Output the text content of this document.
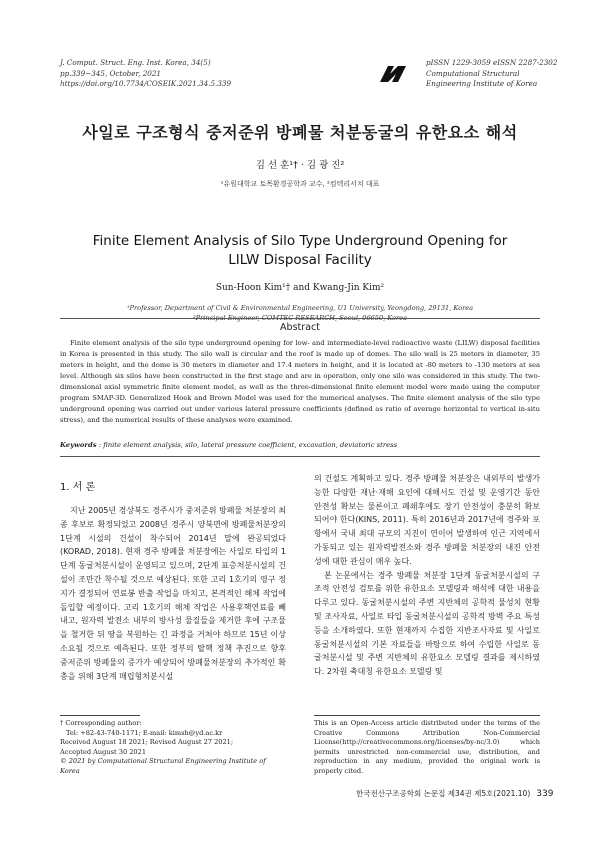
J. Comput. Struct. Eng. Inst. Korea, 34(5)
pp.339~345, October, 2021
https://doi.org/10.7734/COSEIK.2021.34.5.339
pISSN 1229-3059 eISSN 2287-2302
Computational Structural
Engineering Institute of Korea
사일로 구조형식 중저준위 방폐물 처분동굴의 유한요소 해석
김 선 훈¹† · 김 광 진²
¹유원대학교 토목환경공학과 교수, ²컴텍리서치 대표
Finite Element Analysis of Silo Type Underground Opening for
LILW Disposal Facility
Sun-Hoon Kim¹† and Kwang-Jin Kim²
¹Professor, Department of Civil & Environmental Engineering, U1 University, Yeongdong, 29131, Korea
²Principal Engineer, COMTEC RESEARCH, Seoul, 06650, Korea
Abstract
Finite element analysis of the silo type underground opening for low- and intermediate-level radioactive waste (LILW) disposal facilities in Korea is presented in this study. The silo wall is circular and the roof is made up of domes. The silo wall is 25 meters in diameter, 35 meters in height, and the dome is 30 meters in diameter and 17.4 meters in height, and it is located at -80 meters to -130 meters at sea level. Although six silos have been constructed in the first stage and are in operation, only one silo was considered in this study. The two-dimensional axial symmetric finite element model, as well as the three-dimensional finite element model were made using the computer program SMAP-3D. Generalized Hoek and Brown Model was used for the numerical analyses. The finite element analysis of the silo type underground opening was carried out under various lateral pressure coefficients (defined as ratio of average horizontal to vertical in-situ stress), and the numerical results of these analyses were examined.
Keywords : finite element analysis, silo, lateral pressure coefficient, excavation, deviatoric stress
1. 서 론

지난 2005년 경상북도 경주시가 중저준위 방폐물 처분장의 최종 후보로 확정되었고 2008년 경주시 양북면에 방폐물처분장의 1단계 시설의 건설이 착수되어 2014년 말에 완공되었다(KORAD, 2018). 현재 경주 방폐물 처분장에는 사일로 타입의 1단계 동굴처분시설이 운영되고 있으며, 2단계 표층처분시설의 건설이 조만간 착수될 것으로 예상된다. 또한 고리 1호기의 영구 정지가 결정되어 연료봉 반출 작업을 마치고, 본격적인 해체 작업에 돌입할 예정이다. 고리 1호기의 해체 작업은 사용후핵연료를 빼내고, 원자력 발전소 내부의 방사성 물질들을 제거한 후에 구조물을 철거한 뒤 땅을 복원하는 긴 과정을 거쳐야 하므로 15년 이상 소요될 것으로 예측된다. 또한 정부의 탈핵 정책 추진으로 향후 중저준위 방폐물의 증가가 예상되어 방폐물처분장의 추가적인 확충을 위해 3단계 매립형처분시설

의 건설도 계획하고 있다. 경주 방폐물 처분장은 내외부의 발생가능한 다양한 재난·재해 요인에 대해서도 건설 및 운영기간 동안 안전성 확보는 물론이고 폐쇄후에도 장기 안전성이 충분히 확보되어야 한다(KINS, 2011). 특히 2016년과 2017년에 경주와 포항에서 국내 최대 규모의 지진이 연이어 발생하여 인근 지역에서 가동되고 있는 원자력발전소와 경주 방폐물 처분장의 내진 안전성에 대한 관심이 매우 높다.

본 논문에서는 경주 방폐물 처분장 1단계 동굴처분시설의 구조적 안전성 검토를 위한 유한요소 모델링과 해석에 대한 내용을 다루고 있다. 동굴처분시설의 주변 지반체의 공학적 물성치 현황 및 조사자료, 사일로 타입 동굴처분시설의 공학적 방벽 주요 특성 등을 소개하였다. 또한 현재까지 수집한 지반조사자료 및 사일로 동굴처분시설의 기본 자료들을 바탕으로 하여 수립한 사일로 동굴처분시설 및 주변 지반체의 유한요소 모델링 결과를 제시하였다. 2차원 축대칭 유한요소 모델링 및

† Corresponding author:
Tel: +82-43-740-1171; E-mail: kimsh@yd.ac.kr
Received August 18 2021; Revised August 27 2021;
Accepted August 30 2021
© 2021 by Computational Structural Engineering Institute of Korea
This is an Open-Access article distributed under the terms of the Creative Commons Attribution Non-Commercial License(http://creativecommons.org/licenses/by-nc/3.0) which permits unrestricted non-commercial use, distribution, and reproduction in any medium, provided the original work is properly cited.
한국전산구조공학회 논문집 제34권 제5호(2021.10) 339
